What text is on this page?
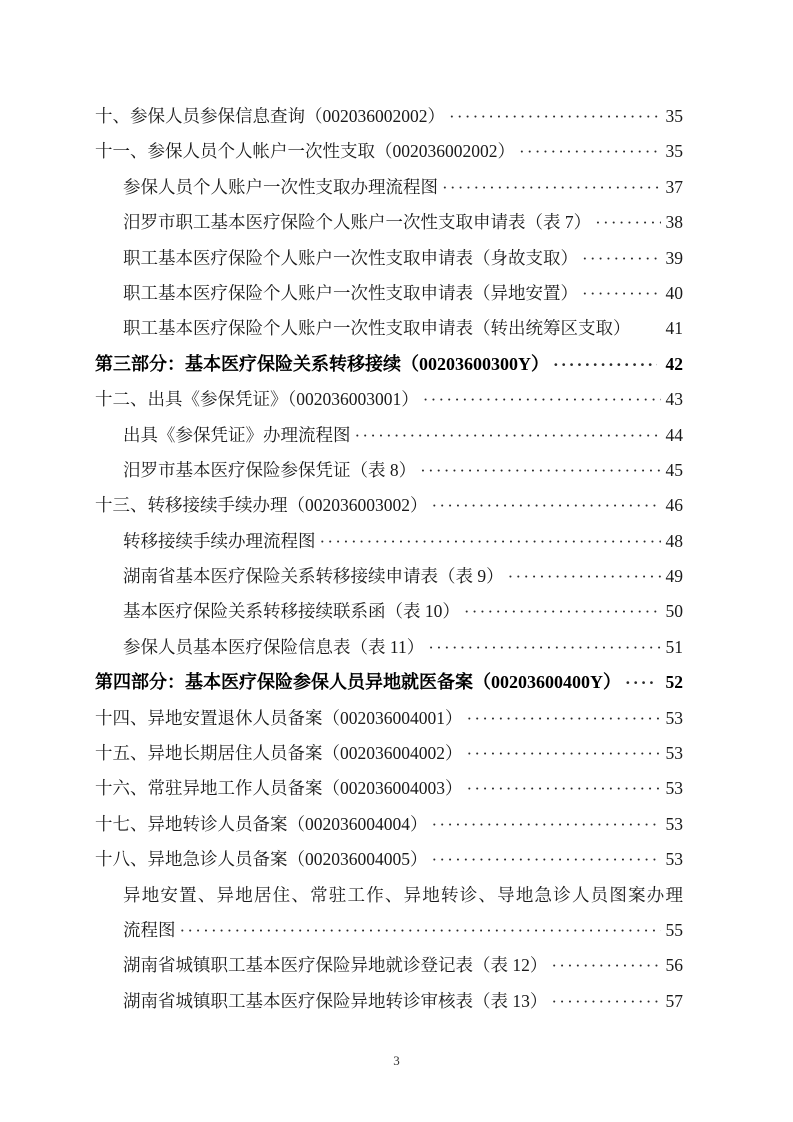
十、参保人员参保信息查询（002036002002） ·····	35
十一、参保人员个人帐户一次性支取（002036002002） ·····	35
参保人员个人账户一次性支取办理流程图 ·····	37
汨罗市职工基本医疗保险个人账户一次性支取申请表（表 7） ·····	38
职工基本医疗保险个人账户一次性支取申请表（身故支取） ·····	39
职工基本医疗保险个人账户一次性支取申请表（异地安置） ·····	40
职工基本医疗保险个人账户一次性支取申请表（转出统筹区支取） 41
第三部分：基本医疗保险关系转移接续（00203600300Y） ·····	42
十二、出具《参保凭证》（002036003001） ·····	43
出具《参保凭证》办理流程图 ·····	44
汨罗市基本医疗保险参保凭证（表 8） ·····	45
十三、转移接续手续办理（002036003002） ·····	46
转移接续手续办理流程图 ·····	48
湖南省基本医疗保险关系转移接续申请表（表 9） ·····	49
基本医疗保险关系转移接续联系函（表 10） ·····	50
参保人员基本医疗保险信息表（表 11） ·····	51
第四部分：基本医疗保险参保人员异地就医备案（00203600400Y） ·····	52
十四、异地安置退休人员备案（002036004001） ·····	53
十五、异地长期居住人员备案（002036004002） ·····	53
十六、常驻异地工作人员备案（002036004003） ·····	53
十七、异地转诊人员备案（002036004004） ·····	53
十八、异地急诊人员备案（002036004005） ·····	53
异地安置、异地居住、常驻工作、异地转诊、导地急诊人员图案办理
流程图 ·····	55
湖南省城镇职工基本医疗保险异地就诊登记表（表 12） ·····	56
湖南省城镇职工基本医疗保险异地转诊审核表（表 13） ·····	57
3
